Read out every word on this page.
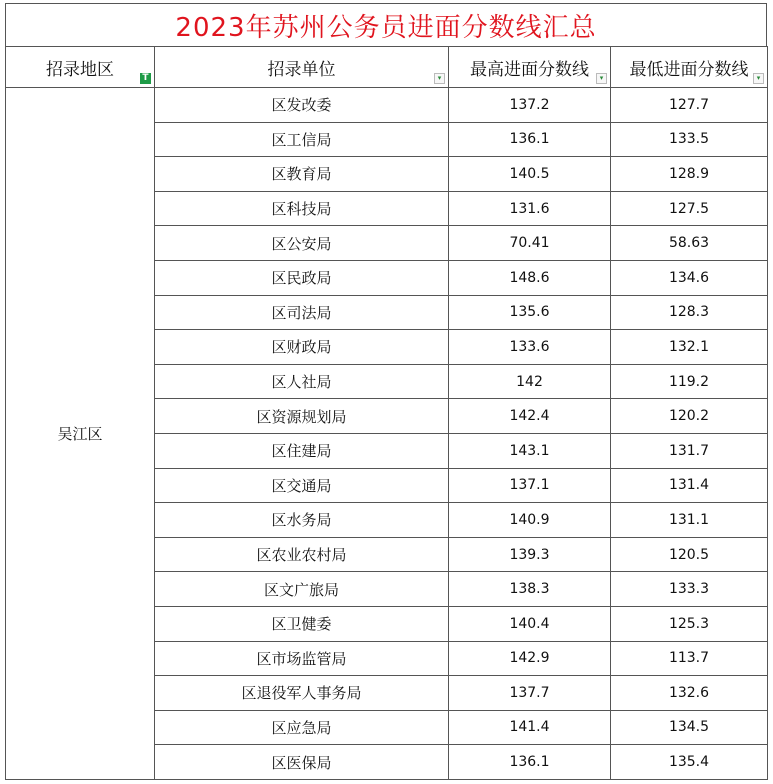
2023年苏州公务员进面分数线汇总
招录地区 T	招录单位 ▾	最高进面分数线 ▾	最低进面分数线 ▾

吴江区	区发改委	137.2	127.7
	区工信局	136.1	133.5
	区教育局	140.5	128.9
	区科技局	131.6	127.5
	区公安局	70.41	58.63
	区民政局	148.6	134.6
	区司法局	135.6	128.3
	区财政局	133.6	132.1
	区人社局	142	119.2
	区资源规划局	142.4	120.2
	区住建局	143.1	131.7
	区交通局	137.1	131.4
	区水务局	140.9	131.1
	区农业农村局	139.3	120.5
	区文广旅局	138.3	133.3
	区卫健委	140.4	125.3
	区市场监管局	142.9	113.7
	区退役军人事务局	137.7	132.6
	区应急局	141.4	134.5
	区医保局	136.1	135.4
